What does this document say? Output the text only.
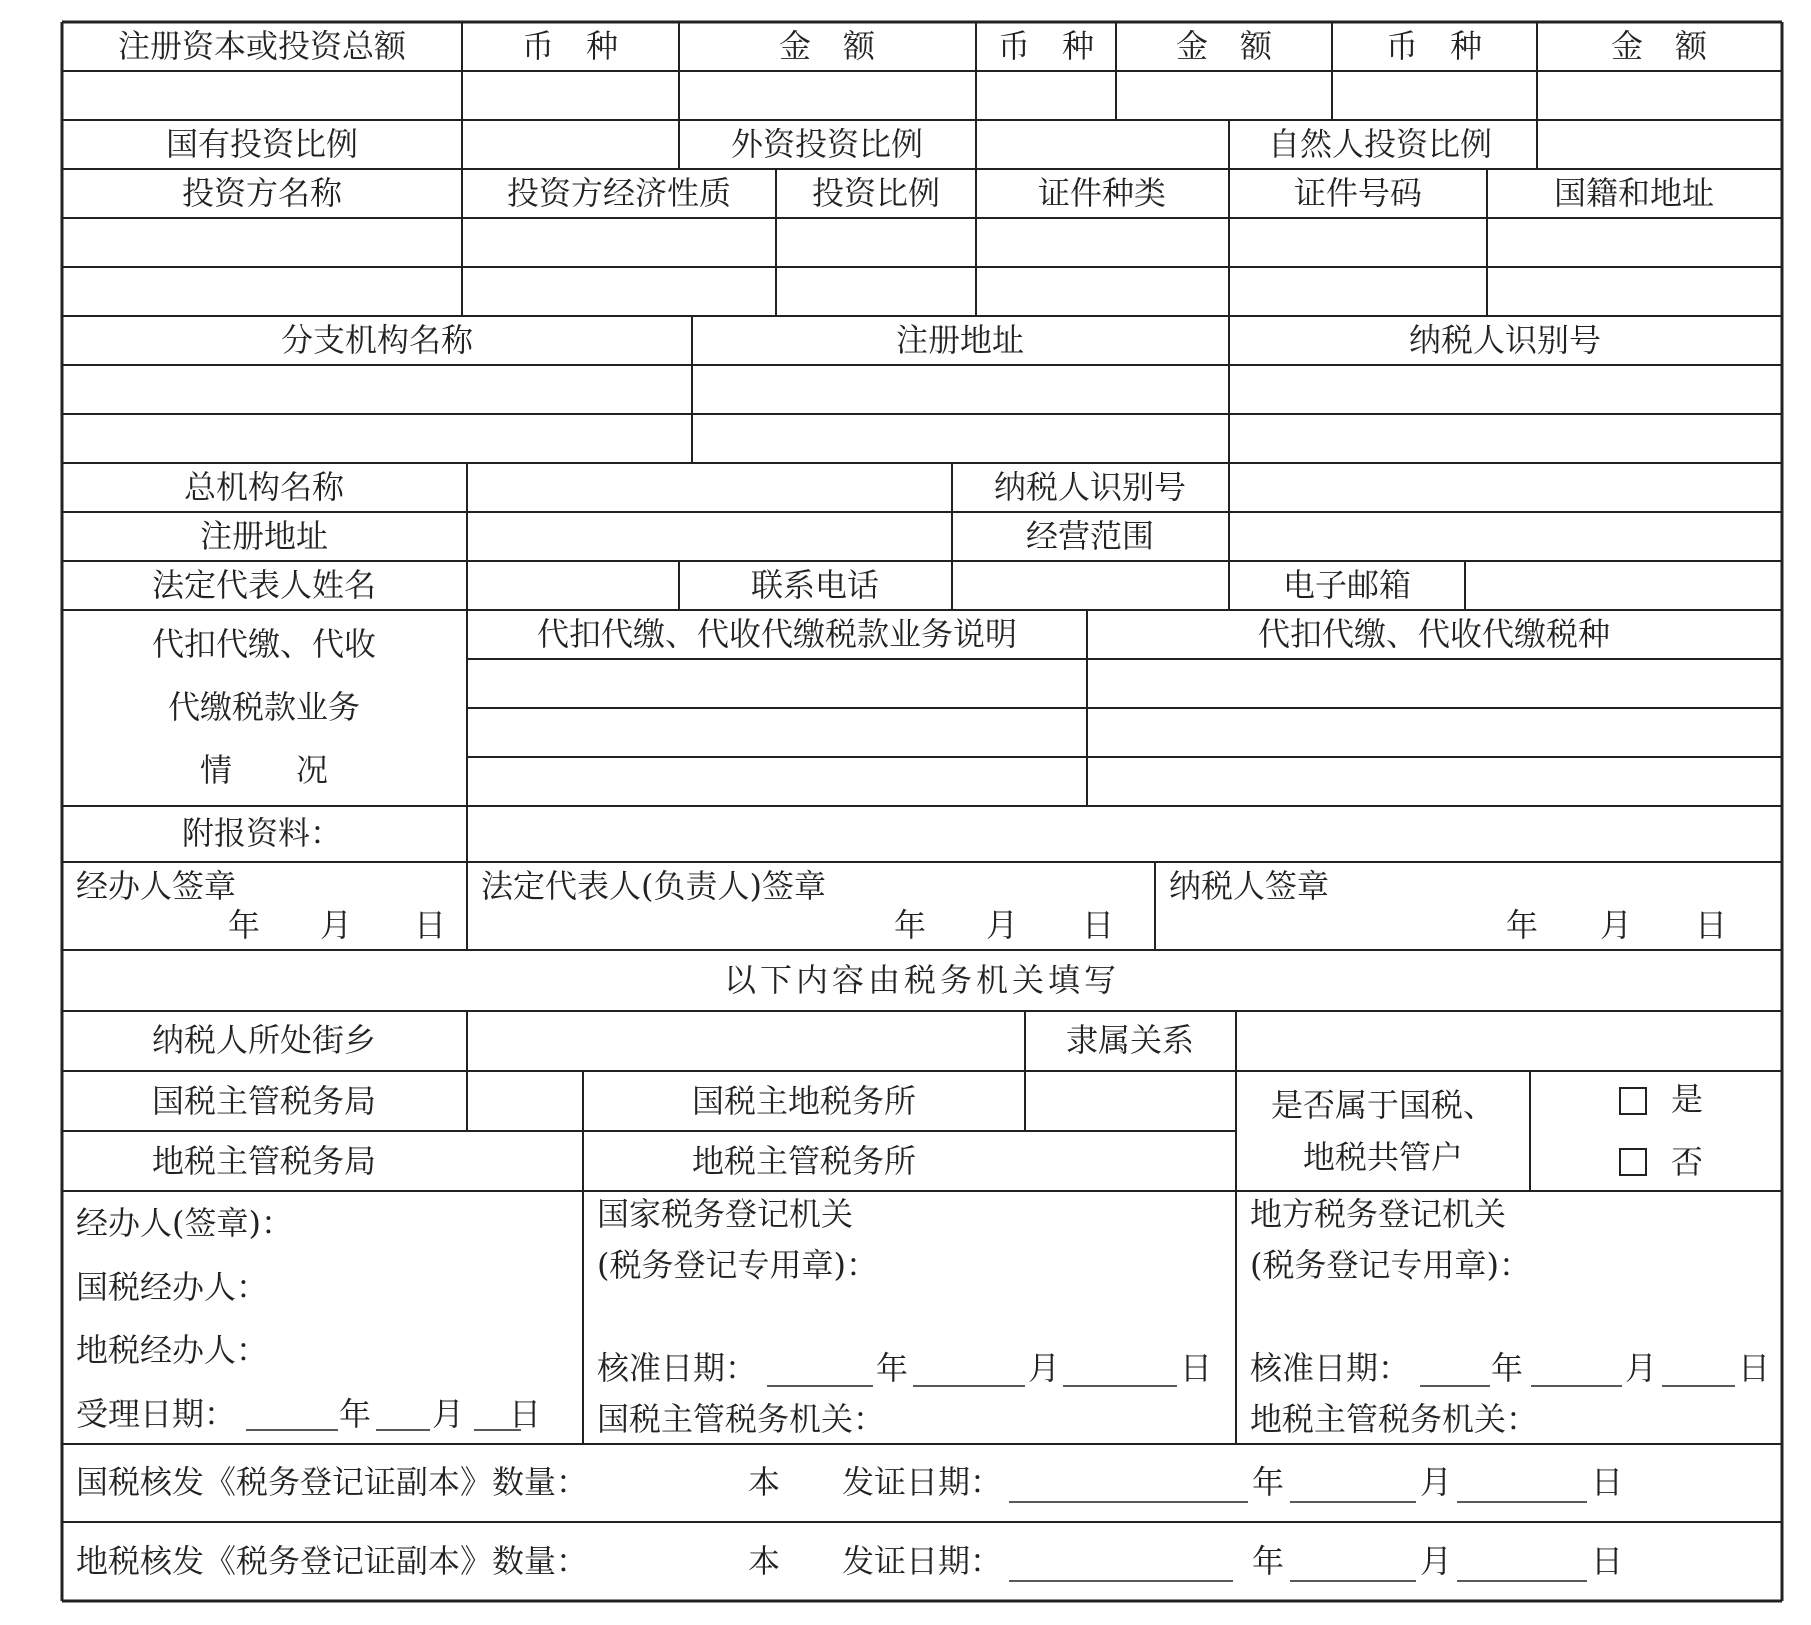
注册资本或投资总额	币　种	金　额	币　种	金　额	币　种	金　额
国有投资比例	外资投资比例	自然人投资比例
投资方名称	投资方经济性质	投资比例	证件种类	证件号码	国籍和地址
分支机构名称	注册地址	纳税人识别号
总机构名称	纳税人识别号
注册地址	经营范围
法定代表人姓名	联系电话	电子邮箱
代扣代缴、代收
代缴税款业务
情　　况
代扣代缴、代收代缴税款业务说明	代扣代缴、代收代缴税种
附报资料：
经办人签章
年 月 日
法定代表人(负责人)签章
年 月 日
纳税人签章
年 月 日
以下内容由税务机关填写
纳税人所处街乡	隶属关系
国税主管税务局	国税主地税务所
地税主管税务局	地税主管税务所
是否属于国税、
地税共管户
是
否
经办人(签章)：
国税经办人：
地税经办人：
受理日期：	年 月 日
国家税务登记机关
(税务登记专用章)：
核准日期：	年	月	日
国税主管税务机关：
地方税务登记机关
(税务登记专用章)：
核准日期：	年	月	日
地税主管税务机关：
国税核发《税务登记证副本》数量：	本 发证日期：	年	月	日
地税核发《税务登记证副本》数量：	本 发证日期：	年	月	日
